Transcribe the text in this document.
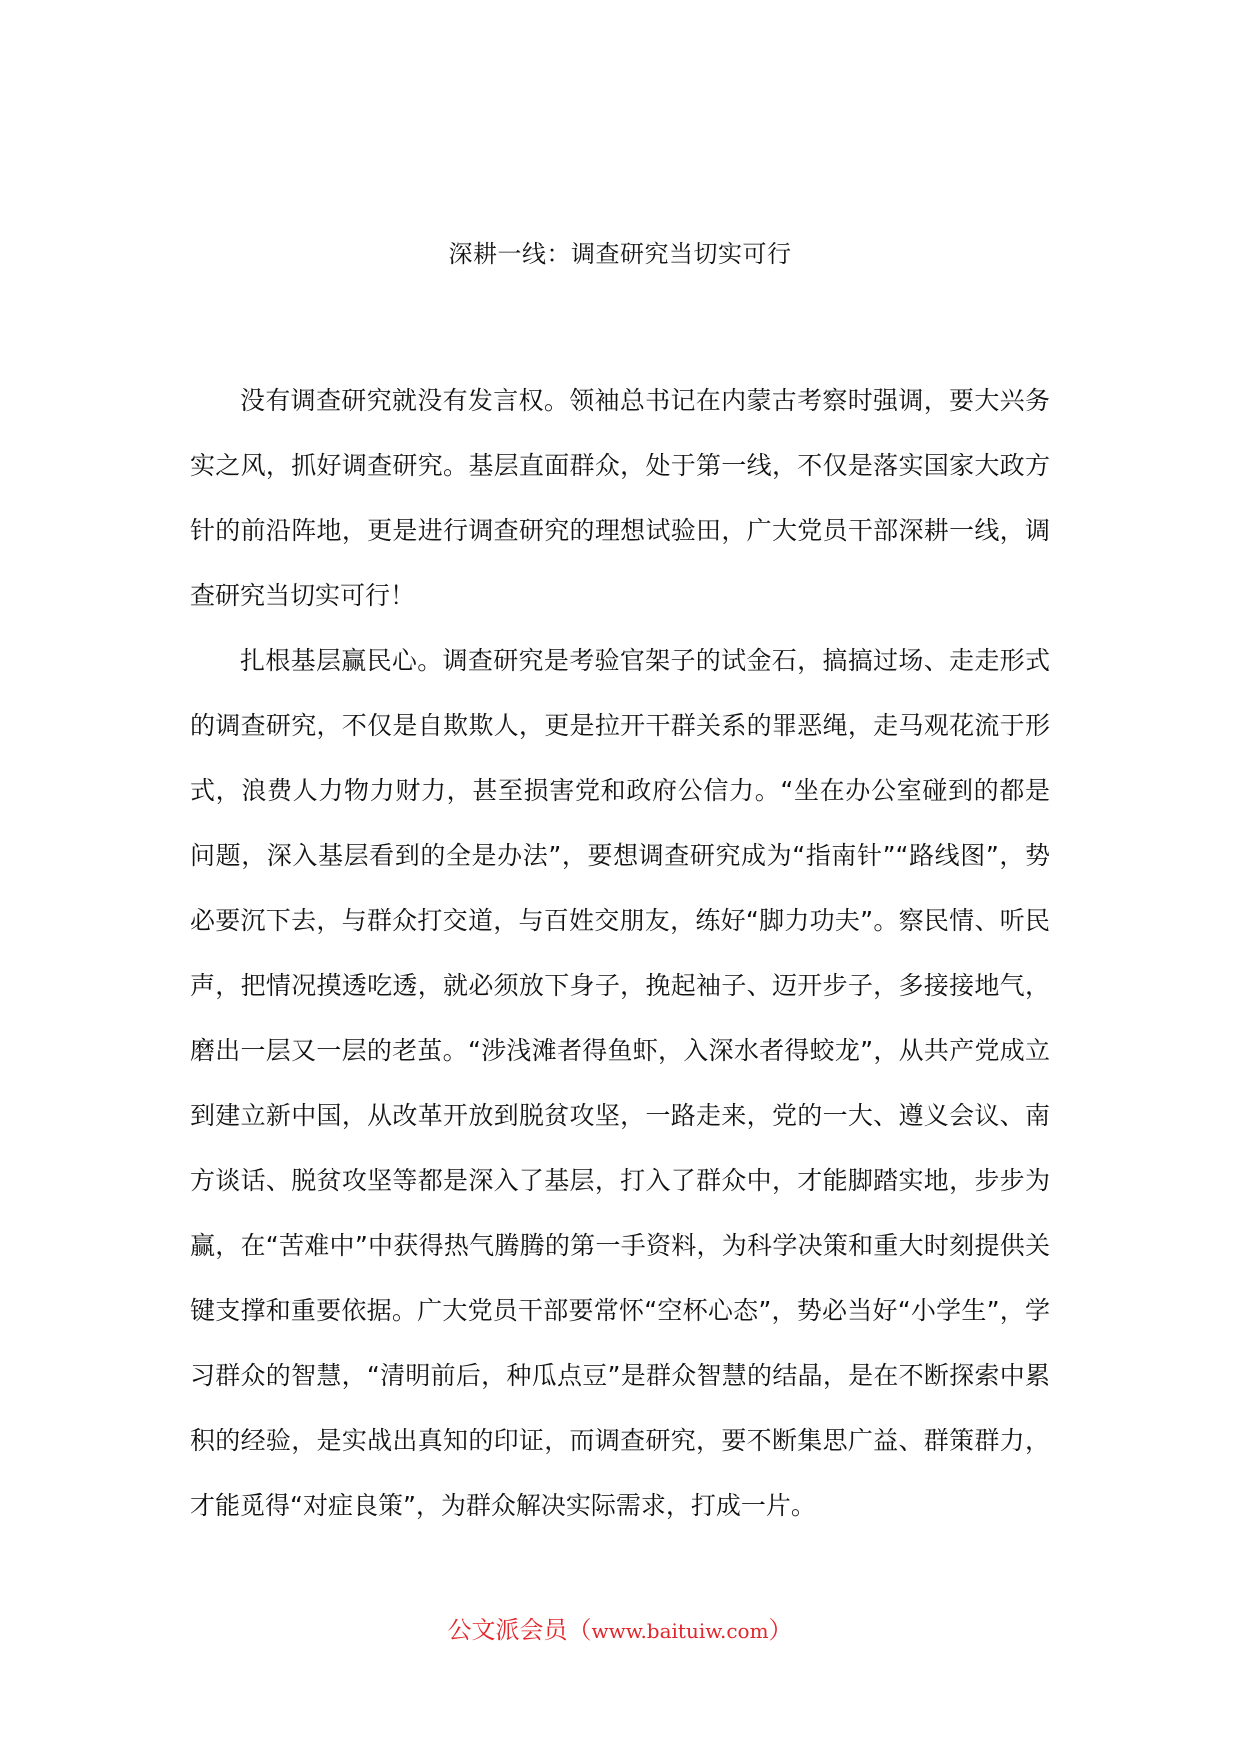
深耕一线：调查研究当切实可行

没有调查研究就没有发言权。领袖总书记在内蒙古考察时强调，要大兴务实之风，抓好调查研究。基层直面群众，处于第一线，不仅是落实国家大政方针的前沿阵地，更是进行调查研究的理想试验田，广大党员干部深耕一线，调查研究当切实可行！

扎根基层赢民心。调查研究是考验官架子的试金石，搞搞过场、走走形式的调查研究，不仅是自欺欺人，更是拉开干群关系的罪恶绳，走马观花流于形式，浪费人力物力财力，甚至损害党和政府公信力。“坐在办公室碰到的都是问题，深入基层看到的全是办法”，要想调查研究成为“指南针”“路线图”，势必要沉下去，与群众打交道，与百姓交朋友，练好“脚力功夫”。察民情、听民声，把情况摸透吃透，就必须放下身子，挽起袖子、迈开步子，多接接地气，磨出一层又一层的老茧。“涉浅滩者得鱼虾，入深水者得蛟龙”，从共产党成立到建立新中国，从改革开放到脱贫攻坚，一路走来，党的一大、遵义会议、南方谈话、脱贫攻坚等都是深入了基层，打入了群众中，才能脚踏实地，步步为赢，在“苦难中”中获得热气腾腾的第一手资料，为科学决策和重大时刻提供关键支撑和重要依据。广大党员干部要常怀“空杯心态”，势必当好“小学生”，学习群众的智慧，“清明前后，种瓜点豆”是群众智慧的结晶，是在不断探索中累积的经验，是实战出真知的印证，而调查研究，要不断集思广益、群策群力，才能觅得“对症良策”，为群众解决实际需求，打成一片。

公文派会员（www.baituiw.com）
